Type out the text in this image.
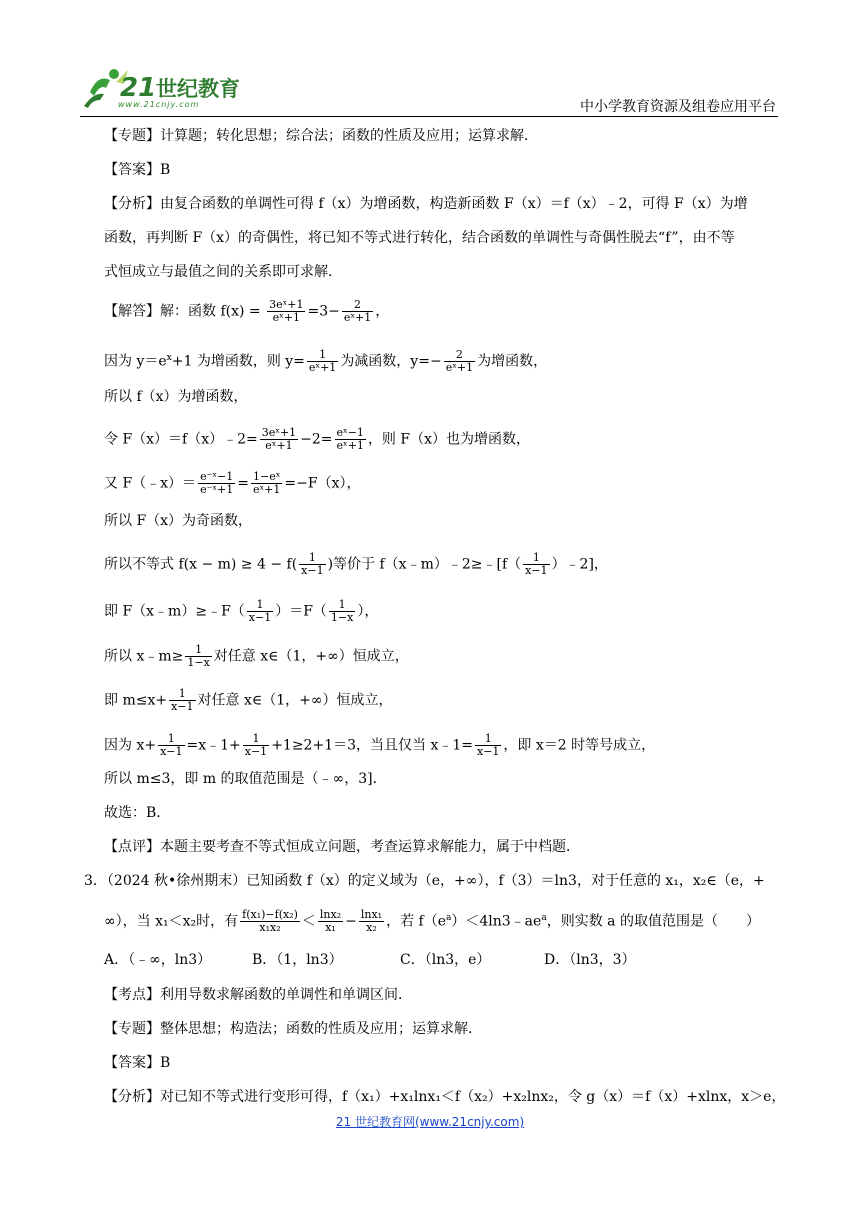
21 世纪教育
www.21cnjy.com	中小学教育资源及组卷应用平台
【专题】计算题；转化思想；综合法；函数的性质及应用；运算求解．
【答案】B
【分析】由复合函数的单调性可得 f（x）为增函数，构造新函数 F（x）＝f（x）﹣2，可得 F（x）为增
函数，再判断 F（x）的奇偶性，将已知不等式进行转化，结合函数的单调性与奇偶性脱去“f”，由不等
式恒成立与最值之间的关系即可求解．
【解答】解：函数 $f(x) = \frac{\text{3eˣ+1}}{\text{eˣ+1}} =3- \frac{2}{\text{eˣ+1}}$ ，
因为 $y=e^x+1$ 为增函数，则 $y= \frac{1}{\text{eˣ+1}}$ 为减函数，$y=- \frac{2}{\text{eˣ+1}}$ 为增函数，
所以 f（x）为增函数，
令 F（x）＝f（x）﹣2= $\frac{\text{3eˣ+1}}{\text{eˣ+1}} -2= \frac{\text{eˣ−1}}{\text{eˣ+1}}$ ，则 F（x）也为增函数，
又 F（﹣x）＝ $\frac{\text{e⁻ˣ−1}}{\text{e⁻ˣ+1}} = \frac{\text{1−eˣ}}{\text{eˣ+1}} =-F(x)$，
所以 F（x）为奇函数，
所以不等式 $f(x - m) \ge 4 - f( \frac{1}{x-1}$ )等价于 f（x﹣m）﹣2≥﹣[f（ $\frac{1}{x-1}$ ）﹣2]，
即 F（x﹣m）≥﹣F（ $\frac{1}{x-1} )=F( \frac{1}{1-x}$ ），
所以 x﹣m≥ $\frac{1}{1-x}$ 对任意 x∈（1，+∞）恒成立，
即 $m\le x+ \frac{1}{x-1}$ 对任意 x∈（1，+∞）恒成立，
因为 $x+ \frac{1}{x-1}$ =x﹣1+ $\frac{1}{x-1} +1\ge 2+1=3$，当且仅当 x﹣1= $\frac{1}{x-1}$ ，即 x＝2 时等号成立，
所以 m≤3，即 m 的取值范围是（﹣∞，3]．
故选：B．
【点评】本题主要考查不等式恒成立问题，考查运算求解能力，属于中档题．
3．（2024 秋•徐州期末）已知函数 f（x）的定义域为（e，+∞），f（3）＝ln3，对于任意的 x₁，x₂∈（e，+
∞），当 x₁＜x₂时，有 $\frac{\text{f(x₁)−f(x₂)}}{\text{x₁x₂}} < \frac{\text{lnx₂}}{\text{x₁}} - \frac{\text{lnx₁}}{\text{x₂}}$ ，若 $f(e^a)<4\ln 3﹣ae^a$，则实数 a 的取值范围是（　　）
A．（﹣∞，ln3）	B．（1，ln3）	C．（ln3，e）	D．（ln3，3）
【考点】利用导数求解函数的单调性和单调区间．
【专题】整体思想；构造法；函数的性质及应用；运算求解．
【答案】B
【分析】对已知不等式进行变形可得，f（x₁）+x₁lnx₁＜f（x₂）+x₂lnx₂，令 g（x）＝f（x）+xlnx，x＞e，
21 世纪教育网(www.21cnjy.com)
